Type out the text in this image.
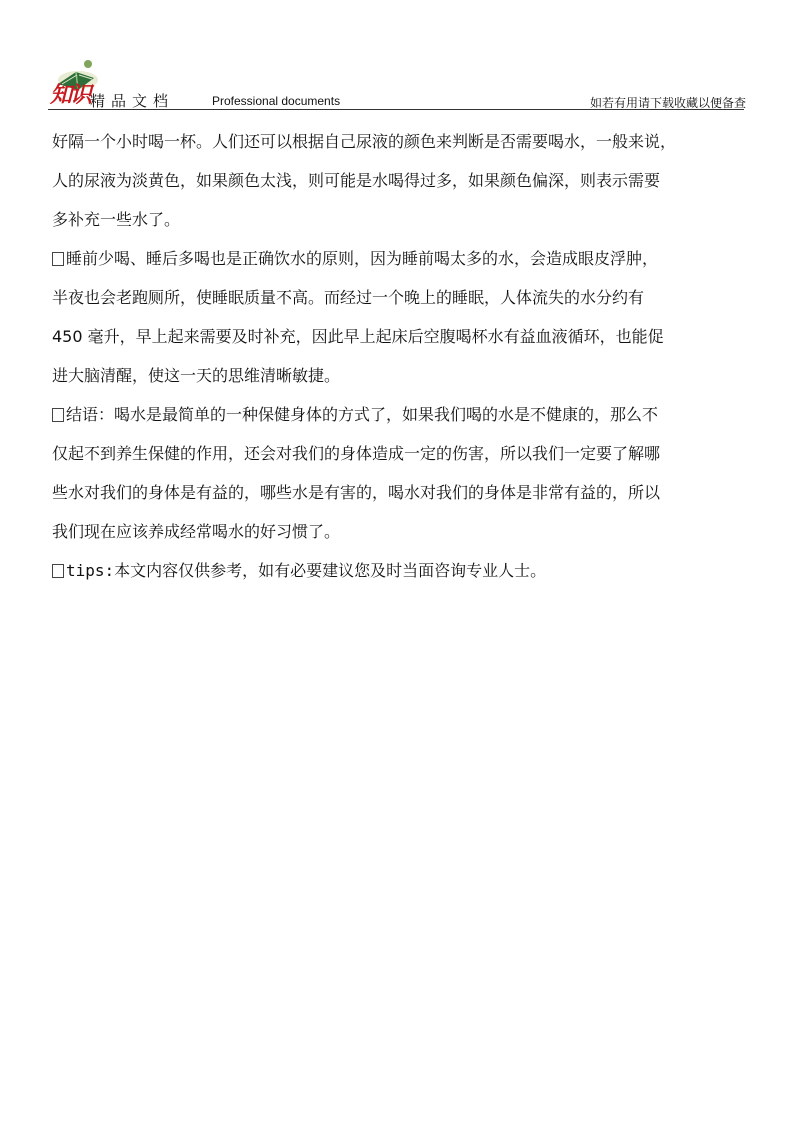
知识 精品文档	Professional documents	如若有用请下载收藏以便备查
好隔一个小时喝一杯。人们还可以根据自己尿液的颜色来判断是否需要喝水，一般来说，
人的尿液为淡黄色，如果颜色太浅，则可能是水喝得过多，如果颜色偏深，则表示需要
多补充一些水了。
睡前少喝、睡后多喝也是正确饮水的原则，因为睡前喝太多的水，会造成眼皮浮肿，
半夜也会老跑厕所，使睡眠质量不高。而经过一个晚上的睡眠，人体流失的水分约有
450 毫升，早上起来需要及时补充，因此早上起床后空腹喝杯水有益血液循环，也能促
进大脑清醒，使这一天的思维清晰敏捷。
结语：喝水是最简单的一种保健身体的方式了，如果我们喝的水是不健康的，那么不
仅起不到养生保健的作用，还会对我们的身体造成一定的伤害，所以我们一定要了解哪
些水对我们的身体是有益的，哪些水是有害的，喝水对我们的身体是非常有益的，所以
我们现在应该养成经常喝水的好习惯了。
tips:本文内容仅供参考，如有必要建议您及时当面咨询专业人士。
